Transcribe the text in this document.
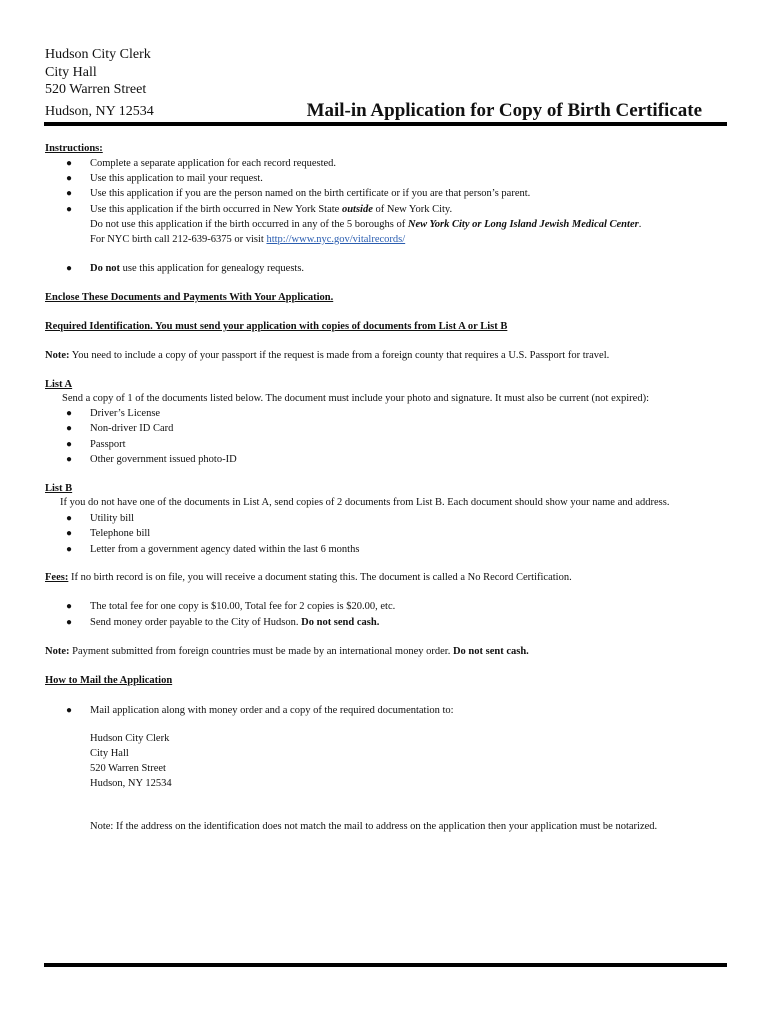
Hudson City Clerk
City Hall
520 Warren Street
Hudson, NY 12534	Mail-in Application for Copy of Birth Certificate
Instructions:
● Complete a separate application for each record requested.
● Use this application to mail your request.
● Use this application if you are the person named on the birth certificate or if you are that person’s parent.
● Use this application if the birth occurred in New York State outside of New York City.
Do not use this application if the birth occurred in any of the 5 boroughs of New York City or Long Island Jewish Medical Center.
For NYC birth call 212-639-6375 or visit http://www.nyc.gov/vitalrecords/
● Do not use this application for genealogy requests.
Enclose These Documents and Payments With Your Application.
Required Identification. You must send your application with copies of documents from List A or List B
Note: You need to include a copy of your passport if the request is made from a foreign county that requires a U.S. Passport for travel.
List A
Send a copy of 1 of the documents listed below. The document must include your photo and signature. It must also be current (not expired):
● Driver’s License
● Non-driver ID Card
● Passport
● Other government issued photo-ID
List B
If you do not have one of the documents in List A, send copies of 2 documents from List B. Each document should show your name and address.
● Utility bill
● Telephone bill
● Letter from a government agency dated within the last 6 months
Fees: If no birth record is on file, you will receive a document stating this. The document is called a No Record Certification.
● The total fee for one copy is $10.00, Total fee for 2 copies is $20.00, etc.
● Send money order payable to the City of Hudson. Do not send cash.
Note: Payment submitted from foreign countries must be made by an international money order. Do not sent cash.
How to Mail the Application
● Mail application along with money order and a copy of the required documentation to:
Hudson City Clerk
City Hall
520 Warren Street
Hudson, NY 12534
Note: If the address on the identification does not match the mail to address on the application then your application must be notarized.
